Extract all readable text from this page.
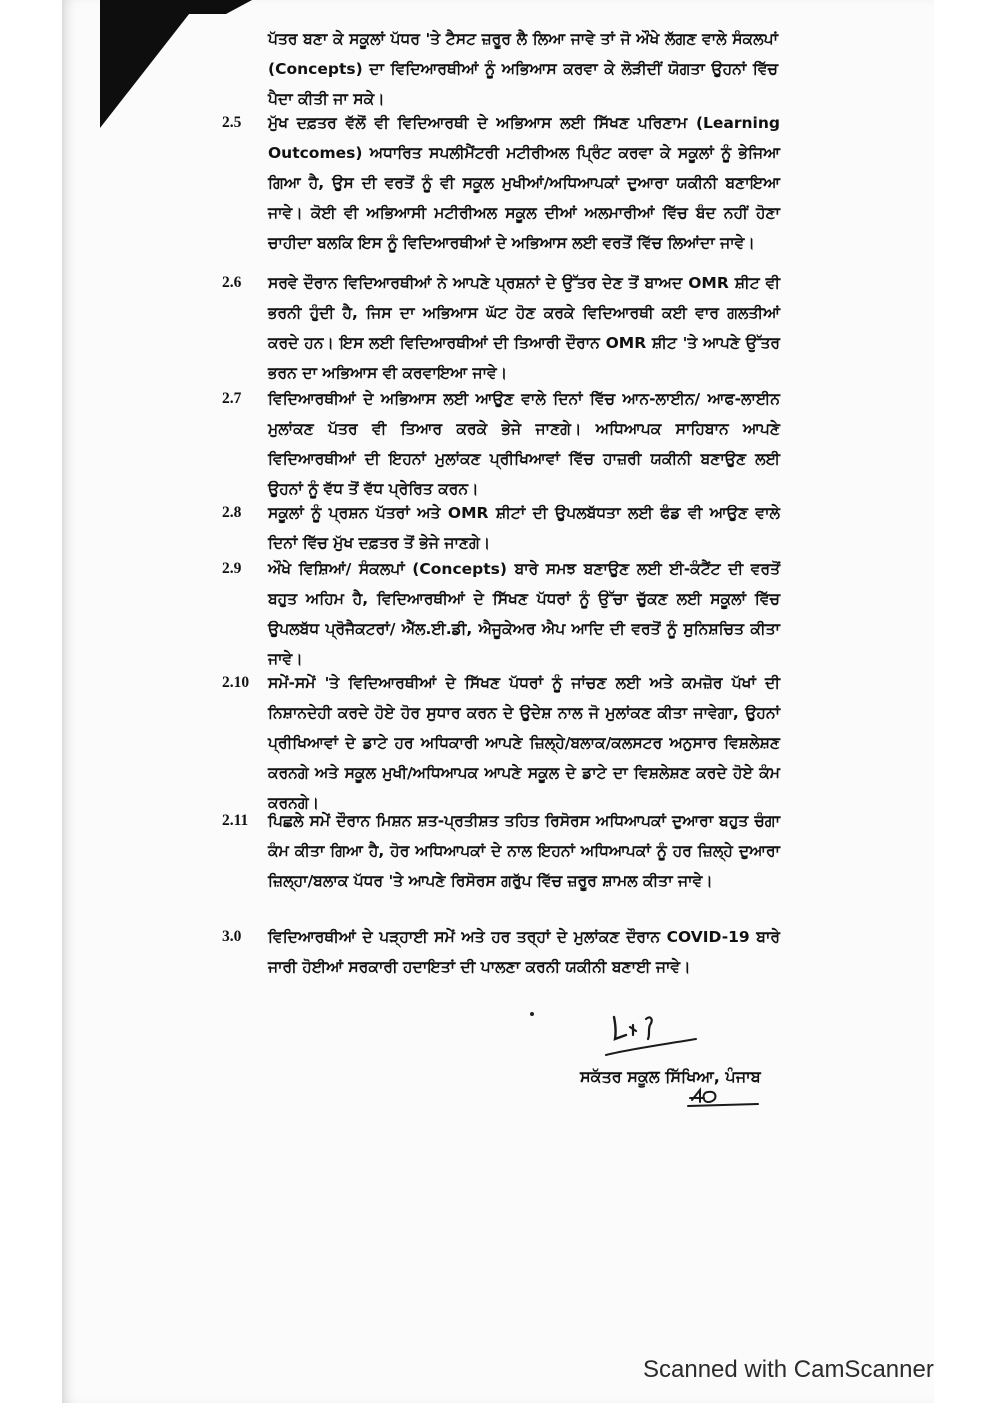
ਪੱਤਰ ਬਣਾ ਕੇ ਸਕੂਲਾਂ ਪੱਧਰ 'ਤੇ ਟੈਸਟ ਜ਼ਰੂਰ ਲੈ ਲਿਆ ਜਾਵੇ ਤਾਂ ਜੋ ਔਖੇ ਲੱਗਣ ਵਾਲੇ ਸੰਕਲਪਾਂ (Concepts) ਦਾ ਵਿਦਿਆਰਥੀਆਂ ਨੂੰ ਅਭਿਆਸ ਕਰਵਾ ਕੇ ਲੋੜੀਦੀਂ ਯੋਗਤਾ ਉਹਨਾਂ ਵਿੱਚ ਪੈਦਾ ਕੀਤੀ ਜਾ ਸਕੇ।
2.5	ਮੁੱਖ ਦਫ਼ਤਰ ਵੱਲੋਂ ਵੀ ਵਿਦਿਆਰਥੀ ਦੇ ਅਭਿਆਸ ਲਈ ਸਿੱਖਣ ਪਰਿਣਾਮ (Learning Outcomes) ਅਧਾਰਿਤ ਸਪਲੀਮੈਂਟਰੀ ਮਟੀਰੀਅਲ ਪ੍ਰਿੰਟ ਕਰਵਾ ਕੇ ਸਕੂਲਾਂ ਨੂੰ ਭੇਜਿਆ ਗਿਆ ਹੈ, ਉਸ ਦੀ ਵਰਤੋਂ ਨੂੰ ਵੀ ਸਕੂਲ ਮੁਖੀਆਂ/ਅਧਿਆਪਕਾਂ ਦੁਆਰਾ ਯਕੀਨੀ ਬਣਾਇਆ ਜਾਵੇ। ਕੋਈ ਵੀ ਅਭਿਆਸੀ ਮਟੀਰੀਅਲ ਸਕੂਲ ਦੀਆਂ ਅਲਮਾਰੀਆਂ ਵਿੱਚ ਬੰਦ ਨਹੀਂ ਹੋਣਾ ਚਾਹੀਦਾ ਬਲਕਿ ਇਸ ਨੂੰ ਵਿਦਿਆਰਥੀਆਂ ਦੇ ਅਭਿਆਸ ਲਈ ਵਰਤੋਂ ਵਿੱਚ ਲਿਆਂਦਾ ਜਾਵੇ।
2.6	ਸਰਵੇ ਦੌਰਾਨ ਵਿਦਿਆਰਥੀਆਂ ਨੇ ਆਪਣੇ ਪ੍ਰਸ਼ਨਾਂ ਦੇ ਉੱਤਰ ਦੇਣ ਤੋਂ ਬਾਅਦ OMR ਸ਼ੀਟ ਵੀ ਭਰਨੀ ਹੁੰਦੀ ਹੈ, ਜਿਸ ਦਾ ਅਭਿਆਸ ਘੱਟ ਹੋਣ ਕਰਕੇ ਵਿਦਿਆਰਥੀ ਕਈ ਵਾਰ ਗਲਤੀਆਂ ਕਰਦੇ ਹਨ। ਇਸ ਲਈ ਵਿਦਿਆਰਥੀਆਂ ਦੀ ਤਿਆਰੀ ਦੌਰਾਨ OMR ਸ਼ੀਟ 'ਤੇ ਆਪਣੇ ਉੱਤਰ ਭਰਨ ਦਾ ਅਭਿਆਸ ਵੀ ਕਰਵਾਇਆ ਜਾਵੇ।
2.7	ਵਿਦਿਆਰਥੀਆਂ ਦੇ ਅਭਿਆਸ ਲਈ ਆਉਣ ਵਾਲੇ ਦਿਨਾਂ ਵਿੱਚ ਆਨ-ਲਾਈਨ/ ਆਫ-ਲਾਈਨ ਮੁਲਾਂਕਣ ਪੱਤਰ ਵੀ ਤਿਆਰ ਕਰਕੇ ਭੇਜੇ ਜਾਣਗੇ। ਅਧਿਆਪਕ ਸਾਹਿਬਾਨ ਆਪਣੇ ਵਿਦਿਆਰਥੀਆਂ ਦੀ ਇਹਨਾਂ ਮੁਲਾਂਕਣ ਪ੍ਰੀਖਿਆਵਾਂ ਵਿੱਚ ਹਾਜ਼ਰੀ ਯਕੀਨੀ ਬਣਾਉਣ ਲਈ ਉਹਨਾਂ ਨੂੰ ਵੱਧ ਤੋਂ ਵੱਧ ਪ੍ਰੇਰਿਤ ਕਰਨ।
2.8	ਸਕੂਲਾਂ ਨੂੰ ਪ੍ਰਸ਼ਨ ਪੱਤਰਾਂ ਅਤੇ OMR ਸ਼ੀਟਾਂ ਦੀ ਉਪਲਬੱਧਤਾ ਲਈ ਫੰਡ ਵੀ ਆਉਣ ਵਾਲੇ ਦਿਨਾਂ ਵਿੱਚ ਮੁੱਖ ਦਫ਼ਤਰ ਤੋਂ ਭੇਜੇ ਜਾਣਗੇ।
2.9	ਔਖੇ ਵਿਸ਼ਿਆਂ/ ਸੰਕਲਪਾਂ (Concepts) ਬਾਰੇ ਸਮਝ ਬਣਾਉਣ ਲਈ ਈ-ਕੰਟੈਂਟ ਦੀ ਵਰਤੋਂ ਬਹੁਤ ਅਹਿਮ ਹੈ, ਵਿਦਿਆਰਥੀਆਂ ਦੇ ਸਿੱਖਣ ਪੱਧਰਾਂ ਨੂੰ ਉੱਚਾ ਚੁੱਕਣ ਲਈ ਸਕੂਲਾਂ ਵਿੱਚ ਉਪਲਬੱਧ ਪ੍ਰੋਜੈਕਟਰਾਂ/ ਐੱਲ.ਈ.ਡੀ, ਐਜੂਕੇਅਰ ਐਪ ਆਦਿ ਦੀ ਵਰਤੋਂ ਨੂੰ ਸੁਨਿਸ਼ਚਿਤ ਕੀਤਾ ਜਾਵੇ।
2.10	ਸਮੇਂ-ਸਮੇਂ 'ਤੇ ਵਿਦਿਆਰਥੀਆਂ ਦੇ ਸਿੱਖਣ ਪੱਧਰਾਂ ਨੂੰ ਜਾਂਚਣ ਲਈ ਅਤੇ ਕਮਜ਼ੋਰ ਪੱਖਾਂ ਦੀ ਨਿਸ਼ਾਨਦੇਹੀ ਕਰਦੇ ਹੋਏ ਹੋਰ ਸੁਧਾਰ ਕਰਨ ਦੇ ਉਦੇਸ਼ ਨਾਲ ਜੋ ਮੁਲਾਂਕਣ ਕੀਤਾ ਜਾਵੇਗਾ, ਉਹਨਾਂ ਪ੍ਰੀਖਿਆਵਾਂ ਦੇ ਡਾਟੇ ਹਰ ਅਧਿਕਾਰੀ ਆਪਣੇ ਜ਼ਿਲ੍ਹੇ/ਬਲਾਕ/ਕਲਸਟਰ ਅਨੁਸਾਰ ਵਿਸ਼ਲੇਸ਼ਣ ਕਰਨਗੇ ਅਤੇ ਸਕੂਲ ਮੁਖੀ/ਅਧਿਆਪਕ ਆਪਣੇ ਸਕੂਲ ਦੇ ਡਾਟੇ ਦਾ ਵਿਸ਼ਲੇਸ਼ਣ ਕਰਦੇ ਹੋਏ ਕੰਮ ਕਰਨਗੇ।
2.11	ਪਿਛਲੇ ਸਮੇਂ ਦੌਰਾਨ ਮਿਸ਼ਨ ਸ਼ਤ-ਪ੍ਰਤੀਸ਼ਤ ਤਹਿਤ ਰਿਸੋਰਸ ਅਧਿਆਪਕਾਂ ਦੁਆਰਾ ਬਹੁਤ ਚੰਗਾ ਕੰਮ ਕੀਤਾ ਗਿਆ ਹੈ, ਹੋਰ ਅਧਿਆਪਕਾਂ ਦੇ ਨਾਲ ਇਹਨਾਂ ਅਧਿਆਪਕਾਂ ਨੂੰ ਹਰ ਜ਼ਿਲ੍ਹੇ ਦੁਆਰਾ ਜ਼ਿਲ੍ਹਾ/ਬਲਾਕ ਪੱਧਰ 'ਤੇ ਆਪਣੇ ਰਿਸੋਰਸ ਗਰੁੱਪ ਵਿੱਚ ਜ਼ਰੂਰ ਸ਼ਾਮਲ ਕੀਤਾ ਜਾਵੇ।
3.0	ਵਿਦਿਆਰਥੀਆਂ ਦੇ ਪੜ੍ਹਾਈ ਸਮੇਂ ਅਤੇ ਹਰ ਤਰ੍ਹਾਂ ਦੇ ਮੁਲਾਂਕਣ ਦੌਰਾਨ COVID-19 ਬਾਰੇ ਜਾਰੀ ਹੋਈਆਂ ਸਰਕਾਰੀ ਹਦਾਇਤਾਂ ਦੀ ਪਾਲਣਾ ਕਰਨੀ ਯਕੀਨੀ ਬਣਾਈ ਜਾਵੇ।
ਸਕੱਤਰ ਸਕੂਲ ਸਿੱਖਿਆ, ਪੰਜਾਬ
Scanned with CamScanner
